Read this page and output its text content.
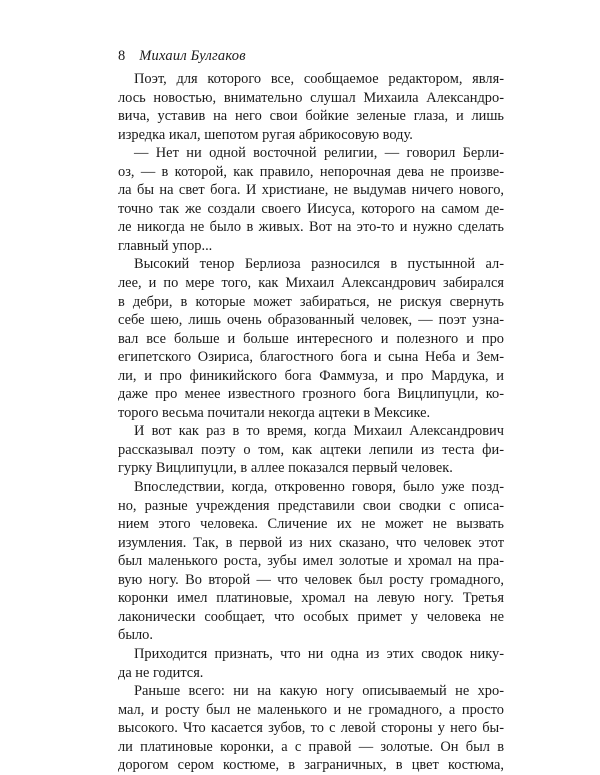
8 Михаил Булгаков
Поэт, для которого все, сообщаемое редактором, явля-
лось новостью, внимательно слушал Михаила Александро-
вича, уставив на него свои бойкие зеленые глаза, и лишь
изредка икал, шепотом ругая абрикосовую воду.
— Нет ни одной восточной религии, — говорил Берли-
оз, — в которой, как правило, непорочная дева не произве-
ла бы на свет бога. И христиане, не выдумав ничего нового,
точно так же создали своего Иисуса, которого на самом де-
ле никогда не было в живых. Вот на это-то и нужно сделать
главный упор...
Высокий тенор Берлиоза разносился в пустынной ал-
лее, и по мере того, как Михаил Александрович забирался
в дебри, в которые может забираться, не рискуя свернуть
себе шею, лишь очень образованный человек, — поэт узна-
вал все больше и больше интересного и полезного и про
египетского Озириса, благостного бога и сына Неба и Зем-
ли, и про финикийского бога Фаммуза, и про Мардука, и
даже про менее известного грозного бога Вицлипуцли, ко-
торого весьма почитали некогда ацтеки в Мексике.
И вот как раз в то время, когда Михаил Александрович
рассказывал поэту о том, как ацтеки лепили из теста фи-
гурку Вицлипуцли, в аллее показался первый человек.
Впоследствии, когда, откровенно говоря, было уже позд-
но, разные учреждения представили свои сводки с описа-
нием этого человека. Сличение их не может не вызвать
изумления. Так, в первой из них сказано, что человек этот
был маленького роста, зубы имел золотые и хромал на пра-
вую ногу. Во второй — что человек был росту громадного,
коронки имел платиновые, хромал на левую ногу. Третья
лаконически сообщает, что особых примет у человека не
было.
Приходится признать, что ни одна из этих сводок нику-
да не годится.
Раньше всего: ни на какую ногу описываемый не хро-
мал, и росту был не маленького и не громадного, а просто
высокого. Что касается зубов, то с левой стороны у него бы-
ли платиновые коронки, а с правой — золотые. Он был в
дорогом сером костюме, в заграничных, в цвет костюма,
